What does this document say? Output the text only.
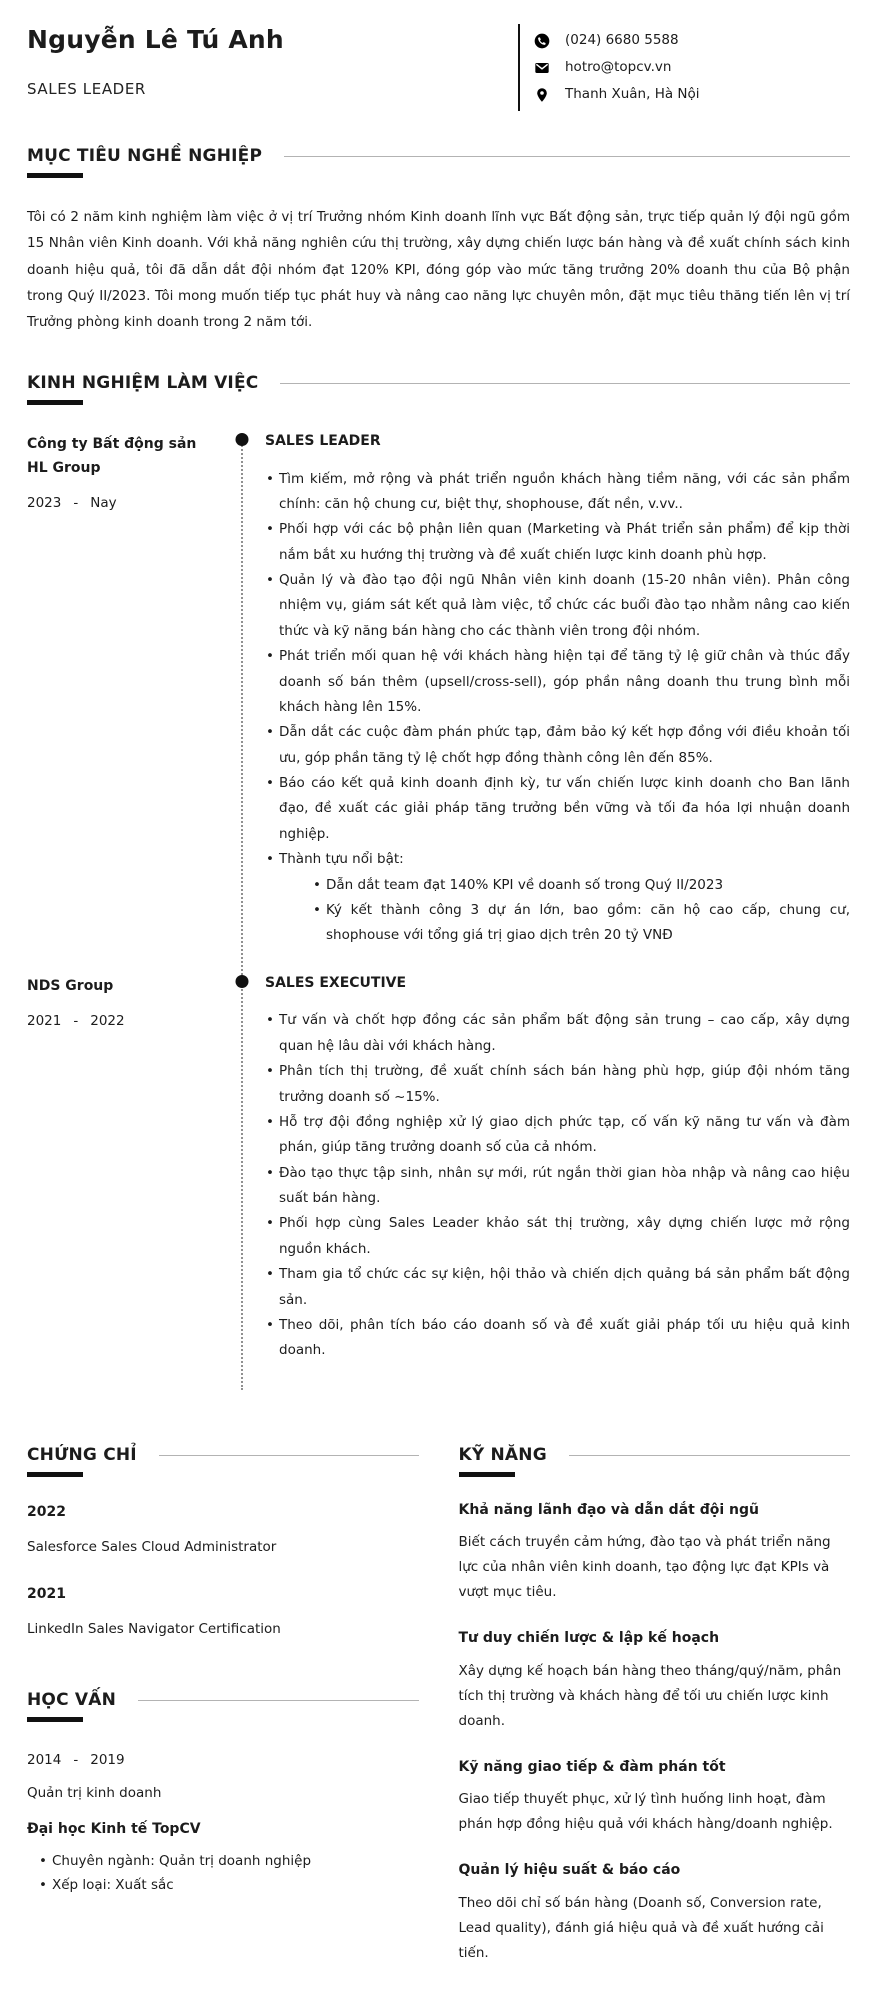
Nguyễn Lê Tú Anh
SALES LEADER
(024) 6680 5588
hotro@topcv.vn
Thanh Xuân, Hà Nội
MỤC TIÊU NGHỀ NGHIỆP

Tôi có 2 năm kinh nghiệm làm việc ở vị trí Trưởng nhóm Kinh doanh lĩnh vực Bất động sản, trực tiếp quản lý đội ngũ gồm 15 Nhân viên Kinh doanh. Với khả năng nghiên cứu thị trường, xây dựng chiến lược bán hàng và đề xuất chính sách kinh doanh hiệu quả, tôi đã dẫn dắt đội nhóm đạt 120% KPI, đóng góp vào mức tăng trưởng 20% doanh thu của Bộ phận trong Quý II/2023. Tôi mong muốn tiếp tục phát huy và nâng cao năng lực chuyên môn, đặt mục tiêu thăng tiến lên vị trí Trưởng phòng kinh doanh trong 2 năm tới.

KINH NGHIỆM LÀM VIỆC
Công ty Bất động sản HL Group
2023 - Nay
SALES LEADER
• Tìm kiếm, mở rộng và phát triển nguồn khách hàng tiềm năng, với các sản phẩm chính: căn hộ chung cư, biệt thự, shophouse, đất nền, v.vv..
• Phối hợp với các bộ phận liên quan (Marketing và Phát triển sản phẩm) để kịp thời nắm bắt xu hướng thị trường và đề xuất chiến lược kinh doanh phù hợp.
• Quản lý và đào tạo đội ngũ Nhân viên kinh doanh (15-20 nhân viên). Phân công nhiệm vụ, giám sát kết quả làm việc, tổ chức các buổi đào tạo nhằm nâng cao kiến thức và kỹ năng bán hàng cho các thành viên trong đội nhóm.
• Phát triển mối quan hệ với khách hàng hiện tại để tăng tỷ lệ giữ chân và thúc đẩy doanh số bán thêm (upsell/cross-sell), góp phần nâng doanh thu trung bình mỗi khách hàng lên 15%.
• Dẫn dắt các cuộc đàm phán phức tạp, đảm bảo ký kết hợp đồng với điều khoản tối ưu, góp phần tăng tỷ lệ chốt hợp đồng thành công lên đến 85%.
• Báo cáo kết quả kinh doanh định kỳ, tư vấn chiến lược kinh doanh cho Ban lãnh đạo, đề xuất các giải pháp tăng trưởng bền vững và tối đa hóa lợi nhuận doanh nghiệp.
• Thành tựu nổi bật:
• Dẫn dắt team đạt 140% KPI về doanh số trong Quý II/2023
• Ký kết thành công 3 dự án lớn, bao gồm: căn hộ cao cấp, chung cư, shophouse với tổng giá trị giao dịch trên 20 tỷ VNĐ
NDS Group
2021 - 2022
SALES EXECUTIVE
• Tư vấn và chốt hợp đồng các sản phẩm bất động sản trung – cao cấp, xây dựng quan hệ lâu dài với khách hàng.
• Phân tích thị trường, đề xuất chính sách bán hàng phù hợp, giúp đội nhóm tăng trưởng doanh số ~15%.
• Hỗ trợ đội đồng nghiệp xử lý giao dịch phức tạp, cố vấn kỹ năng tư vấn và đàm phán, giúp tăng trưởng doanh số của cả nhóm.
• Đào tạo thực tập sinh, nhân sự mới, rút ngắn thời gian hòa nhập và nâng cao hiệu suất bán hàng.
• Phối hợp cùng Sales Leader khảo sát thị trường, xây dựng chiến lược mở rộng nguồn khách.
• Tham gia tổ chức các sự kiện, hội thảo và chiến dịch quảng bá sản phẩm bất động sản.
• Theo dõi, phân tích báo cáo doanh số và đề xuất giải pháp tối ưu hiệu quả kinh doanh.
CHỨNG CHỈ
2022
Salesforce Sales Cloud Administrator
2021
LinkedIn Sales Navigator Certification
HỌC VẤN
2014 - 2019
Quản trị kinh doanh
Đại học Kinh tế TopCV
• Chuyên ngành: Quản trị doanh nghiệp
• Xếp loại: Xuất sắc
KỸ NĂNG
Khả năng lãnh đạo và dẫn dắt đội ngũ
Biết cách truyền cảm hứng, đào tạo và phát triển năng lực của nhân viên kinh doanh, tạo động lực đạt KPIs và vượt mục tiêu.
Tư duy chiến lược & lập kế hoạch
Xây dựng kế hoạch bán hàng theo tháng/quý/năm, phân tích thị trường và khách hàng để tối ưu chiến lược kinh doanh.
Kỹ năng giao tiếp & đàm phán tốt
Giao tiếp thuyết phục, xử lý tình huống linh hoạt, đàm phán hợp đồng hiệu quả với khách hàng/doanh nghiệp.
Quản lý hiệu suất & báo cáo
Theo dõi chỉ số bán hàng (Doanh số, Conversion rate, Lead quality), đánh giá hiệu quả và đề xuất hướng cải tiến.
